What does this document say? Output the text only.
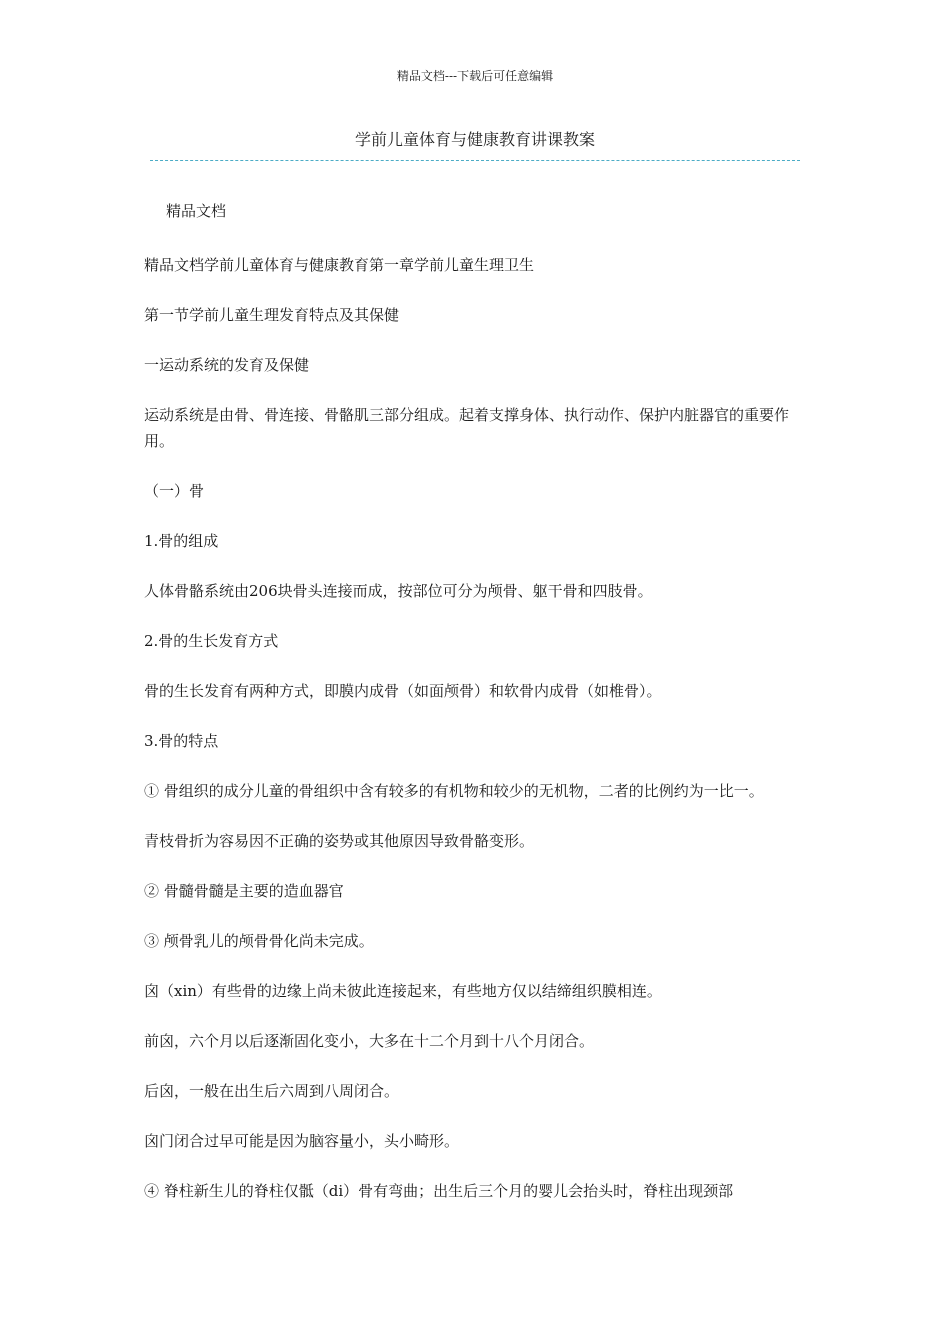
精品文档---下载后可任意编辑
学前儿童体育与健康教育讲课教案

精品文档

精品文档学前儿童体育与健康教育第一章学前儿童生理卫生

第一节学前儿童生理发育特点及其保健

一运动系统的发育及保健

运动系统是由骨、骨连接、骨骼肌三部分组成。起着支撑身体、执行动作、保护内脏器官的重要作用。

（一）骨

1.骨的组成

人体骨骼系统由206块骨头连接而成，按部位可分为颅骨、躯干骨和四肢骨。

2.骨的生长发育方式

骨的生长发育有两种方式，即膜内成骨（如面颅骨）和软骨内成骨（如椎骨）。

3.骨的特点

① 骨组织的成分儿童的骨组织中含有较多的有机物和较少的无机物，二者的比例约为一比一。

青枝骨折为容易因不正确的姿势或其他原因导致骨骼变形。

② 骨髓骨髓是主要的造血器官

③ 颅骨乳儿的颅骨骨化尚未完成。

囟（xin）有些骨的边缘上尚未彼此连接起来，有些地方仅以结缔组织膜相连。

前囟，六个月以后逐渐固化变小，大多在十二个月到十八个月闭合。

后囟，一般在出生后六周到八周闭合。

囟门闭合过早可能是因为脑容量小，头小畸形。

④ 脊柱新生儿的脊柱仅骶（di）骨有弯曲；出生后三个月的婴儿会抬头时，脊柱出现颈部
